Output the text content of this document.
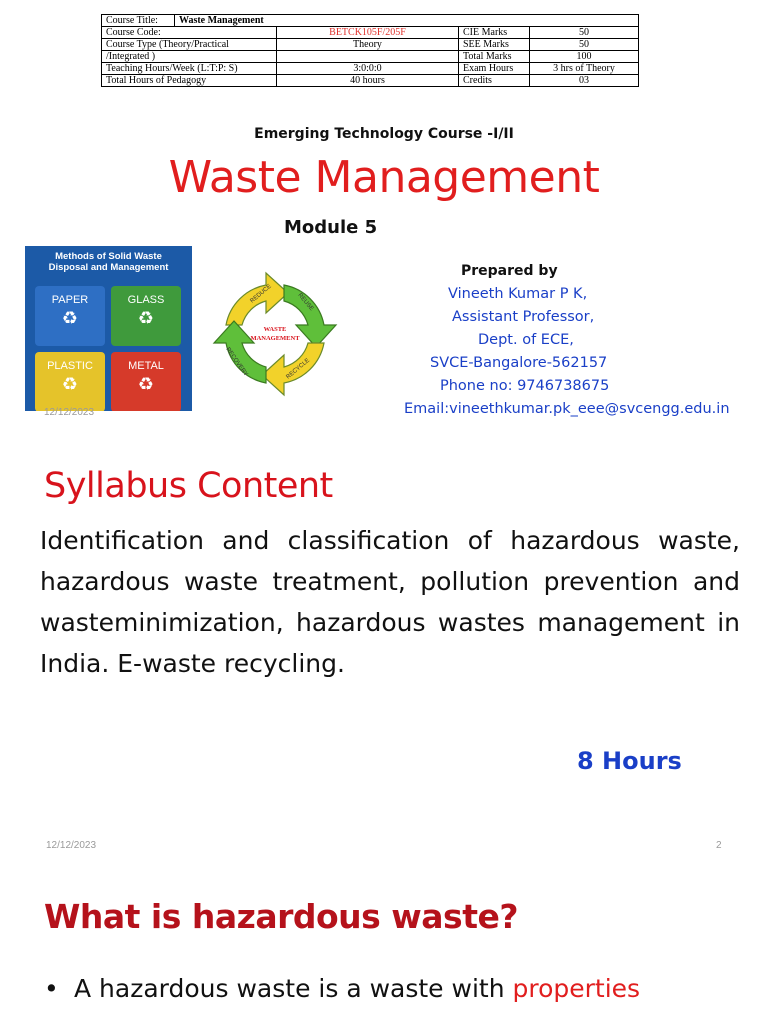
Course Title:	Waste Management			
Course Code:		BETCK105F/205F	CIE Marks	50
Course Type (Theory/Practical		Theory	SEE Marks	50
/Integrated )			Total Marks	100
Teaching Hours/Week (L:T:P: S)		3:0:0:0	Exam Hours	3 hrs of Theory
Total Hours of Pedagogy		40 hours	Credits	03
Emerging Technology Course -I/II
Waste Management
Module 5
Methods of Solid Waste
Disposal and Management
PAPER
♻
GLASS
♻
PLASTIC
♻
METAL
♻
REDUCE	REUSE
RECYCLE
RECOVERY
WASTE
MANAGEMENT
Prepared by
Vineeth Kumar P K,
Assistant Professor,
Dept. of ECE,
SVCE-Bangalore-562157
Phone no: 9746738675
Email:vineethkumar.pk_eee@svcengg.edu.in
12/12/2023
Syllabus Content
Identification and classification of hazardous waste, hazardous waste treatment, pollution prevention and wasteminimization, hazardous wastes management in India. E-waste recycling.
8 Hours
12/12/2023	2
What is hazardous waste?
• A hazardous waste is a waste with properties
